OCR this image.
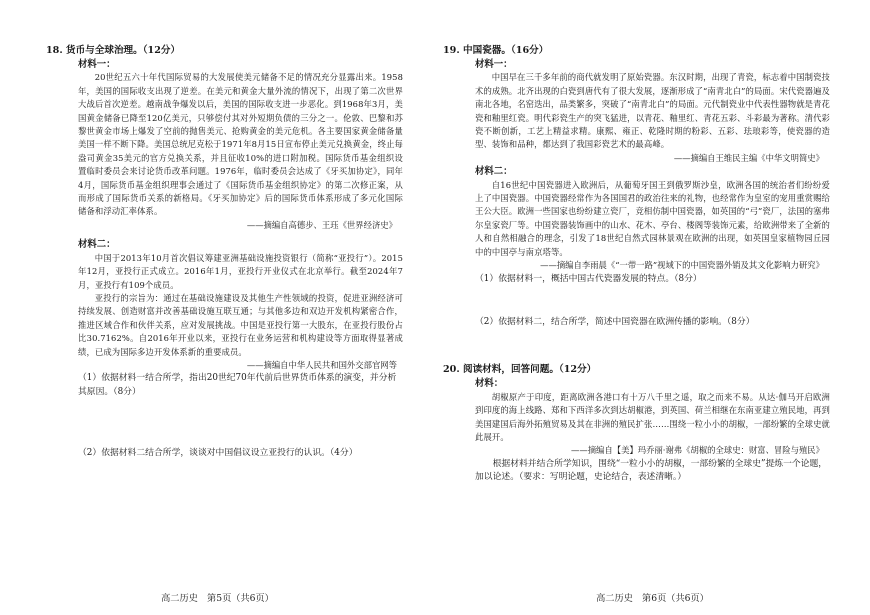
18. 货币与全球治理。（12分）

材料一：

20世纪五六十年代国际贸易的大发展使美元储备不足的情况充分显露出来。1958年，美国的国际收支出现了逆差。在美元和黄金大量外流的情况下，出现了第二次世界大战后首次逆差。越南战争爆发以后，美国的国际收支进一步恶化。到1968年3月，美国黄金储备已降至120亿美元，只够偿付其对外短期负债的三分之一。伦敦、巴黎和苏黎世黄金市场上爆发了空前的抛售美元、抢购黄金的美元危机。各主要国家黄金储备量美国一样不断下降。美国总统尼克松于1971年8月15日宣布停止美元兑换黄金，终止每盎司黄金35美元的官方兑换关系，并且征收10%的进口附加税。国际货币基金组织设置临时委员会来讨论货币改革问题。1976年，临时委员会达成了《牙买加协定》，同年4月，国际货币基金组织理事会通过了《国际货币基金组织协定》的第二次修正案，从而形成了国际货币关系的新格局。《牙买加协定》后的国际货币体系形成了多元化国际储备和浮动汇率体系。

——摘编自高德步、王珏《世界经济史》

材料二：

中国于2013年10月首次倡议筹建亚洲基础设施投资银行（简称“亚投行”）。2015年12月，亚投行正式成立。2016年1月，亚投行开业仪式在北京举行。截至2024年7月，亚投行有109个成员。

亚投行的宗旨为：通过在基础设施建设及其他生产性领域的投资，促进亚洲经济可持续发展、创造财富并改善基础设施互联互通；与其他多边和双边开发机构紧密合作，推进区域合作和伙伴关系，应对发展挑战。中国是亚投行第一大股东，在亚投行股份占比30.7162%。自2016年开业以来，亚投行在业务运营和机构建设等方面取得显著成绩，已成为国际多边开发体系新的重要成员。

——摘编自中华人民共和国外交部官网等

（1）依据材料一结合所学，指出20世纪70年代前后世界货币体系的演变，并分析其原因。（8分）

（2）依据材料二结合所学，谈谈对中国倡议设立亚投行的认识。（4分）

19. 中国瓷器。（16分）

材料一：

中国早在三千多年前的商代就发明了原始瓷器。东汉时期，出现了青瓷，标志着中国制瓷技术的成熟。北齐出现的白瓷到唐代有了很大发展，逐渐形成了“南青北白”的局面。宋代瓷器遍及南北各地，名窑迭出，品类繁多，突破了“南青北白”的局面。元代制瓷业中代表性器物就是青花瓷和釉里红瓷。明代彩瓷生产的突飞猛进，以青花、釉里红、青花五彩、斗彩最为著称。清代彩瓷不断创新，工艺上精益求精。康熙、雍正、乾隆时期的粉彩、五彩、珐琅彩等，使瓷器的造型、装饰和品种，都达到了我国彩瓷艺术的最高峰。

——摘编自王维民主编《中华文明简史》

材料二：

自16世纪中国瓷器进入欧洲后，从葡萄牙国王到俄罗斯沙皇，欧洲各国的统治者们纷纷爱上了中国瓷器。中国瓷器经常作为各国国君的政治往来的礼物，也经常作为皇室的宠用重赏赐给王公大臣。欧洲一些国家也纷纷建立瓷厂，竞相仿制中国瓷器，如英国的“弓”瓷厂，法国的塞弗尔皇家瓷厂等。中国瓷器装饰画中的山水、花木、亭台、楼阁等装饰元素，给欧洲带来了全新的人和自然相融合的理念，引发了18世纪自然式园林景观在欧洲的出现，如英国皇家植物园丘园中的中国亭与南京塔等。

——摘编自李雨晨《“一带一路”视域下的中国瓷器外销及其文化影响力研究》

（1）依据材料一，概括中国古代瓷器发展的特点。（8分）

（2）依据材料二，结合所学，简述中国瓷器在欧洲传播的影响。（8分）

20. 阅读材料，回答问题。（12分）

材料：

胡椒原产于印度，距离欧洲各港口有十万八千里之遥，取之而来不易。从达·伽马开启欧洲到印度的海上线路、郑和下西洋多次到达胡椒港，到英国、荷兰相继在东南亚建立殖民地，再到美国建国后海外拓殖贸易及其在非洲的殖民扩张……围绕一粒小小的胡椒，一部纷繁的全球史就此展开。

——摘编自【美】玛乔丽·谢弗《胡椒的全球史：财富、冒险与殖民》

根据材料并结合所学知识，围绕“一粒小小的胡椒，一部纷繁的全球史”提炼一个论题，加以论述。（要求：写明论题，史论结合，表述清晰。）

高二历史　第5页（共6页）	高二历史　第6页（共6页）
